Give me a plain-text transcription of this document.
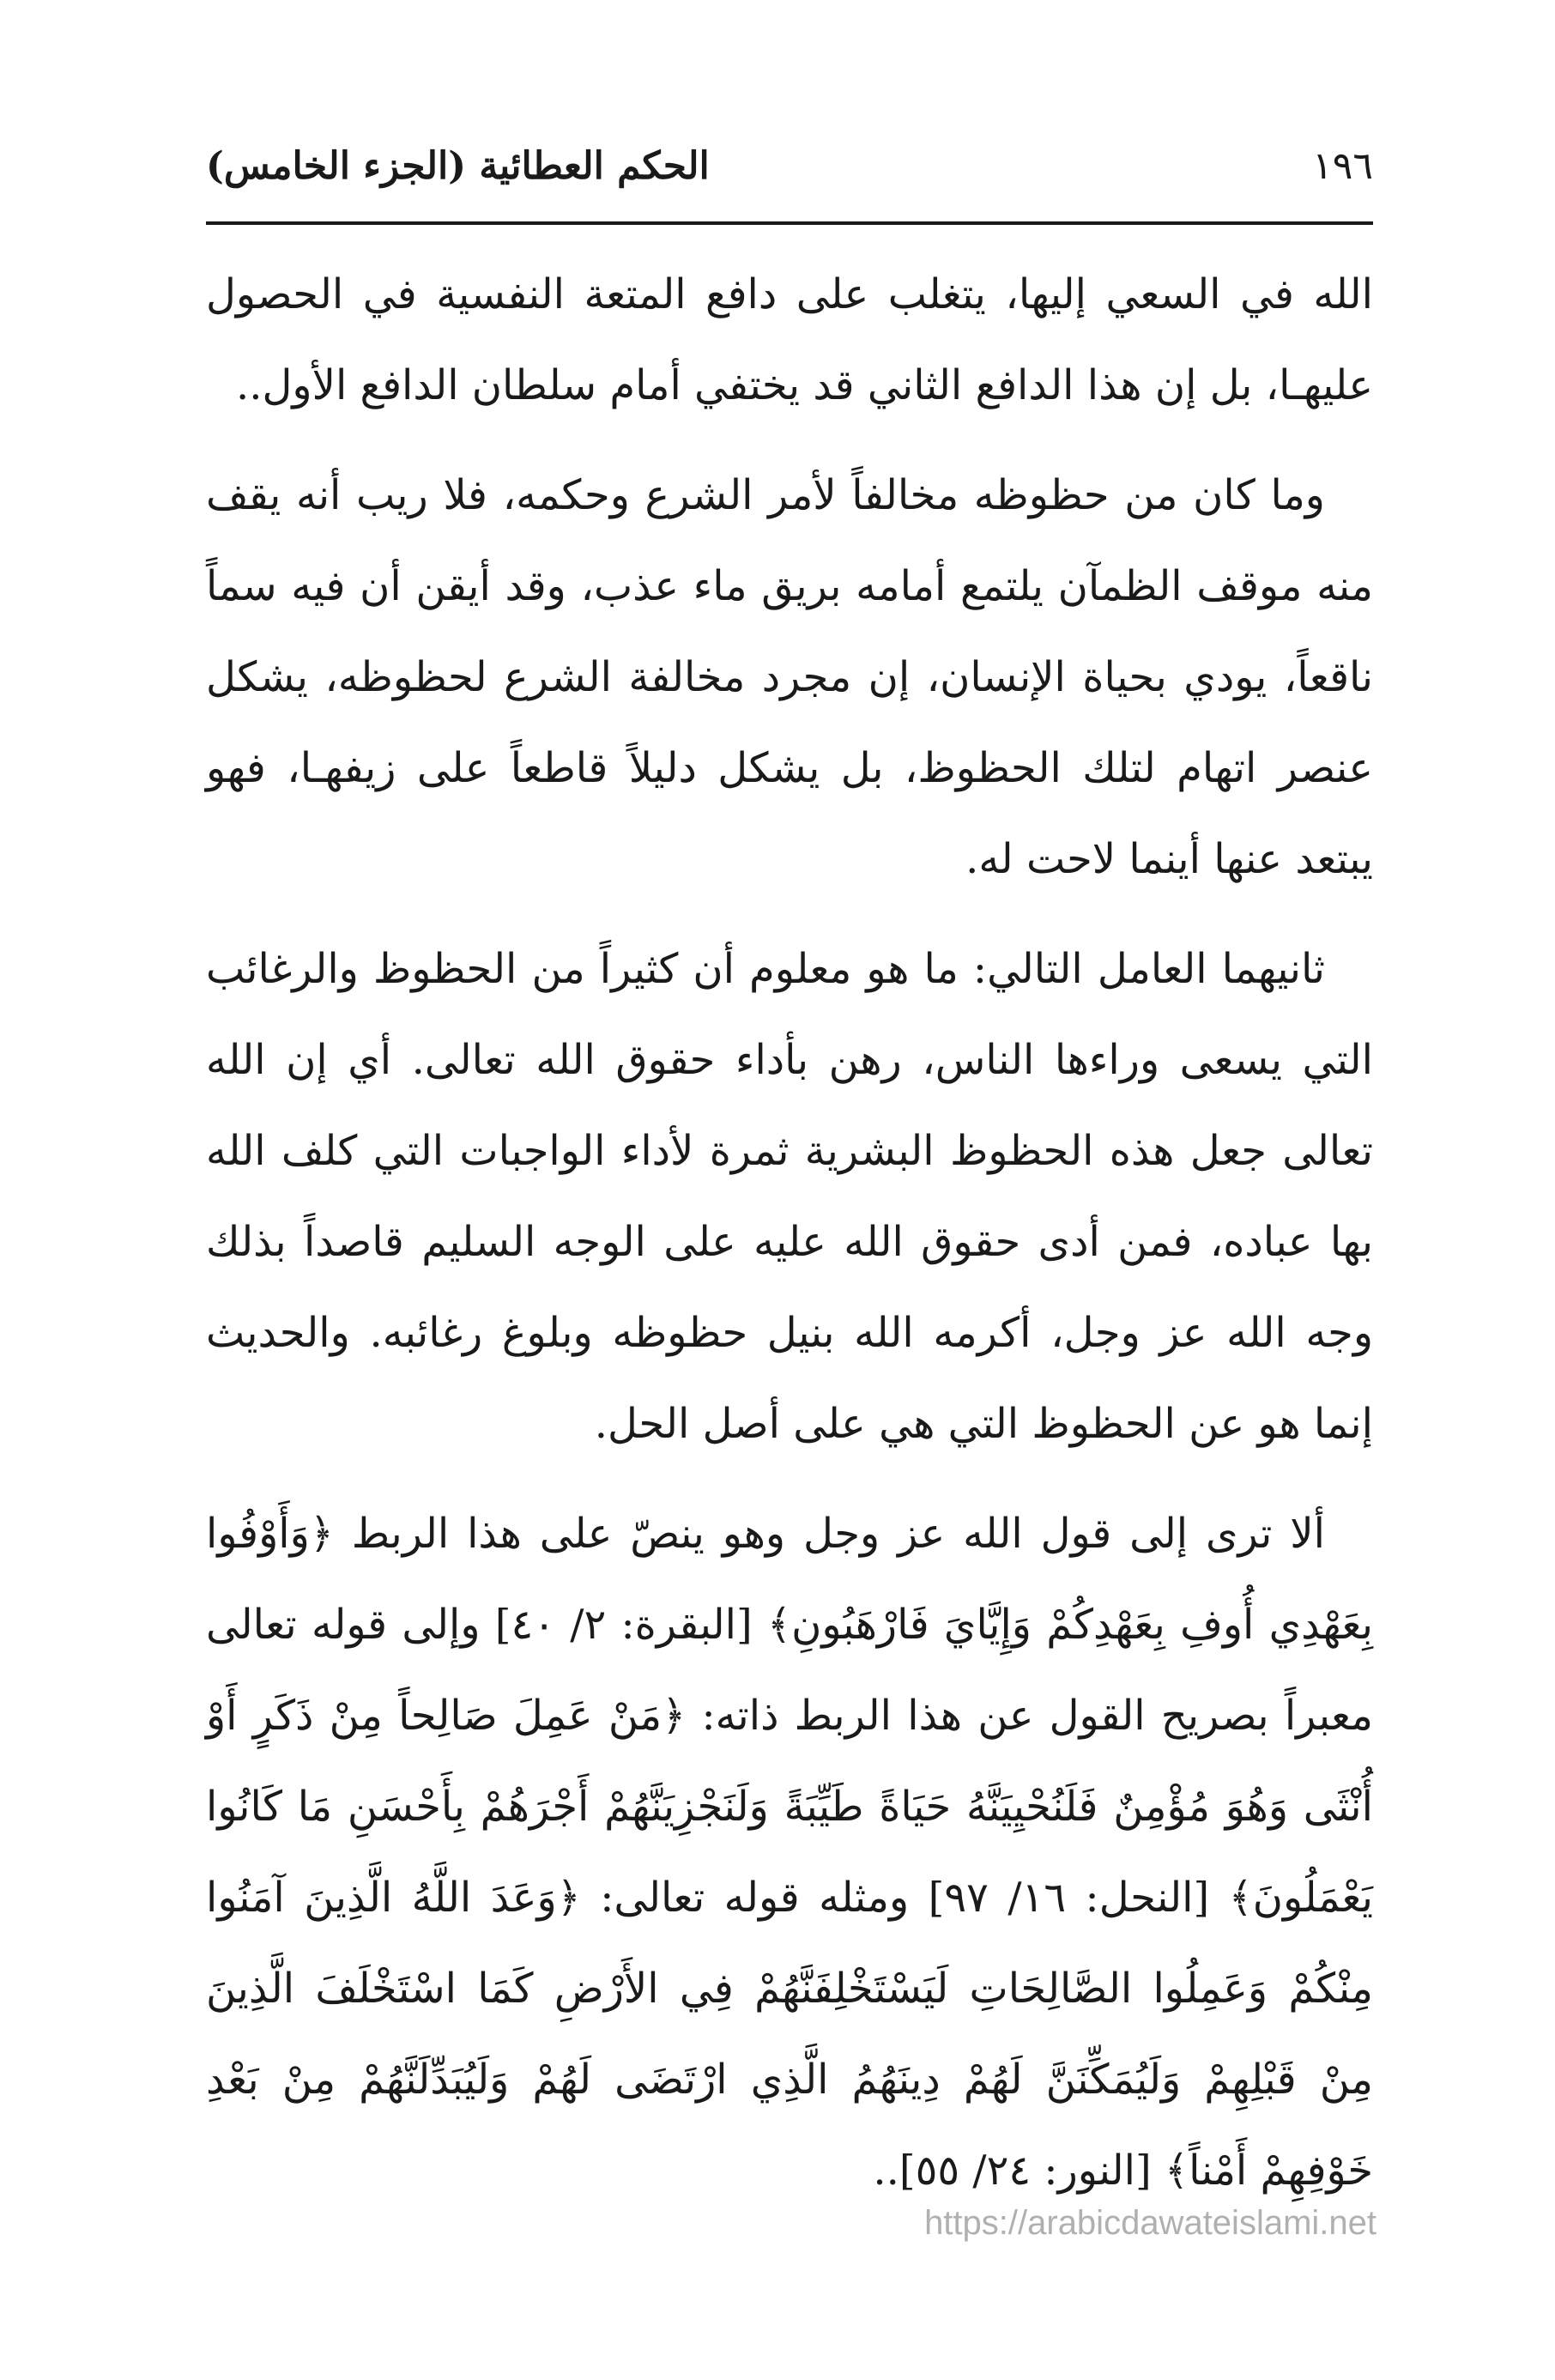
الحكم العطائية (الجزء الخامس)	١٩٦

الله في السعي إليها، يتغلب على دافع المتعة النفسية في الحصول عليهـا، بل إن هذا الدافع الثاني قد يختفي أمام سلطان الدافع الأول..

وما كان من حظوظه مخالفاً لأمر الشرع وحكمه، فلا ريب أنه يقف منه موقف الظمآن يلتمع أمامه بريق ماء عذب، وقد أيقن أن فيه سماً ناقعاً، يودي بحياة الإنسان، إن مجرد مخالفة الشرع لحظوظه، يشكل عنصر اتهام لتلك الحظوظ، بل يشكل دليلاً قاطعاً على زيفهـا، فهو يبتعد عنها أينما لاحت له.

ثانيهما العامل التالي: ما هو معلوم أن كثيراً من الحظوظ والرغائب التي يسعى وراءها الناس، رهن بأداء حقوق الله تعالى. أي إن الله تعالى جعل هذه الحظوظ البشرية ثمرة لأداء الواجبات التي كلف الله بها عباده، فمن أدى حقوق الله عليه على الوجه السليم قاصداً بذلك وجه الله عز وجل، أكرمه الله بنيل حظوظه وبلوغ رغائبه. والحديث إنما هو عن الحظوظ التي هي على أصل الحل.

ألا ترى إلى قول الله عز وجل وهو ينصّ على هذا الربط ﴿وَأَوْفُوا بِعَهْدِي أُوفِ بِعَهْدِكُمْ وَإِيَّايَ فَارْهَبُونِ﴾ [البقرة: ٢/ ٤٠] وإلى قوله تعالى معبراً بصريح القول عن هذا الربط ذاته: ﴿مَنْ عَمِلَ صَالِحاً مِنْ ذَكَرٍ أَوْ أُنْثَى وَهُوَ مُؤْمِنٌ فَلَنُحْيِيَنَّهُ حَيَاةً طَيِّبَةً وَلَنَجْزِيَنَّهُمْ أَجْرَهُمْ بِأَحْسَنِ مَا كَانُوا يَعْمَلُونَ﴾ [النحل: ١٦/ ٩٧] ومثله قوله تعالى: ﴿وَعَدَ اللَّهُ الَّذِينَ آمَنُوا مِنْكُمْ وَعَمِلُوا الصَّالِحَاتِ لَيَسْتَخْلِفَنَّهُمْ فِي الأَرْضِ كَمَا اسْتَخْلَفَ الَّذِينَ مِنْ قَبْلِهِمْ وَلَيُمَكِّنَنَّ لَهُمْ دِينَهُمُ الَّذِي ارْتَضَى لَهُمْ وَلَيُبَدِّلَنَّهُمْ مِنْ بَعْدِ خَوْفِهِمْ أَمْناً﴾ [النور: ٢٤/ ٥٥]..

https://arabicdawateislami.net
